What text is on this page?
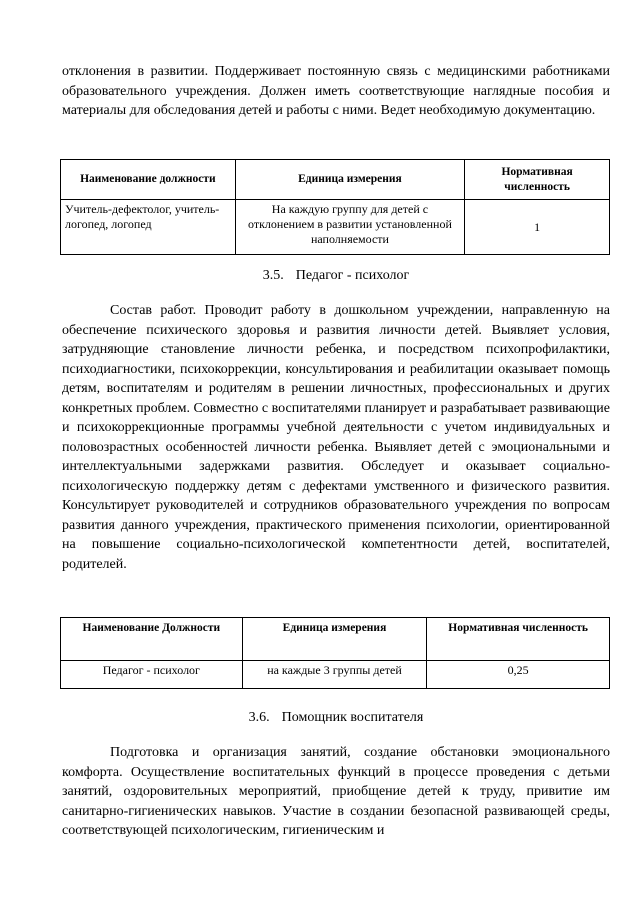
отклонения в развитии. Поддерживает постоянную связь с медицинскими работниками образовательного учреждения. Должен иметь соответствующие наглядные пособия и материалы для обследования детей и работы с ними. Ведет необходимую документацию.

Наименование должности	Единица измерения	Нормативная численность
Учитель-дефектолог, учитель-логопед, логопед	На каждую группу для детей с отклонением в развитии установленной наполняемости	1
3.5. Педагог - психолог

Состав работ. Проводит работу в дошкольном учреждении, направленную на обеспечение психического здоровья и развития личности детей. Выявляет условия, затрудняющие становление личности ребенка, и посредством психопрофилактики, психодиагностики, психокоррекции, консультирования и реабилитации оказывает помощь детям, воспитателям и родителям в решении личностных, профессиональных и других конкретных проблем. Совместно с воспитателями планирует и разрабатывает развивающие и психокоррекционные программы учебной деятельности с учетом индивидуальных и половозрастных особенностей личности ребенка. Выявляет детей с эмоциональными и интеллектуальными задержками развития. Обследует и оказывает социально-психологическую поддержку детям с дефектами умственного и физического развития. Консультирует руководителей и сотрудников образовательного учреждения по вопросам развития данного учреждения, практического применения психологии, ориентированной на повышение социально-психологической компетентности детей, воспитателей, родителей.

Наименование Должности	Единица измерения	Нормативная численность
Педагог - психолог	на каждые 3 группы детей	0,25
3.6. Помощник воспитателя

Подготовка и организация занятий, создание обстановки эмоционального комфорта. Осуществление воспитательных функций в процессе проведения с детьми занятий, оздоровительных мероприятий, приобщение детей к труду, привитие им санитарно-гигиенических навыков. Участие в создании безопасной развивающей среды, соответствующей психологическим, гигиеническим и
